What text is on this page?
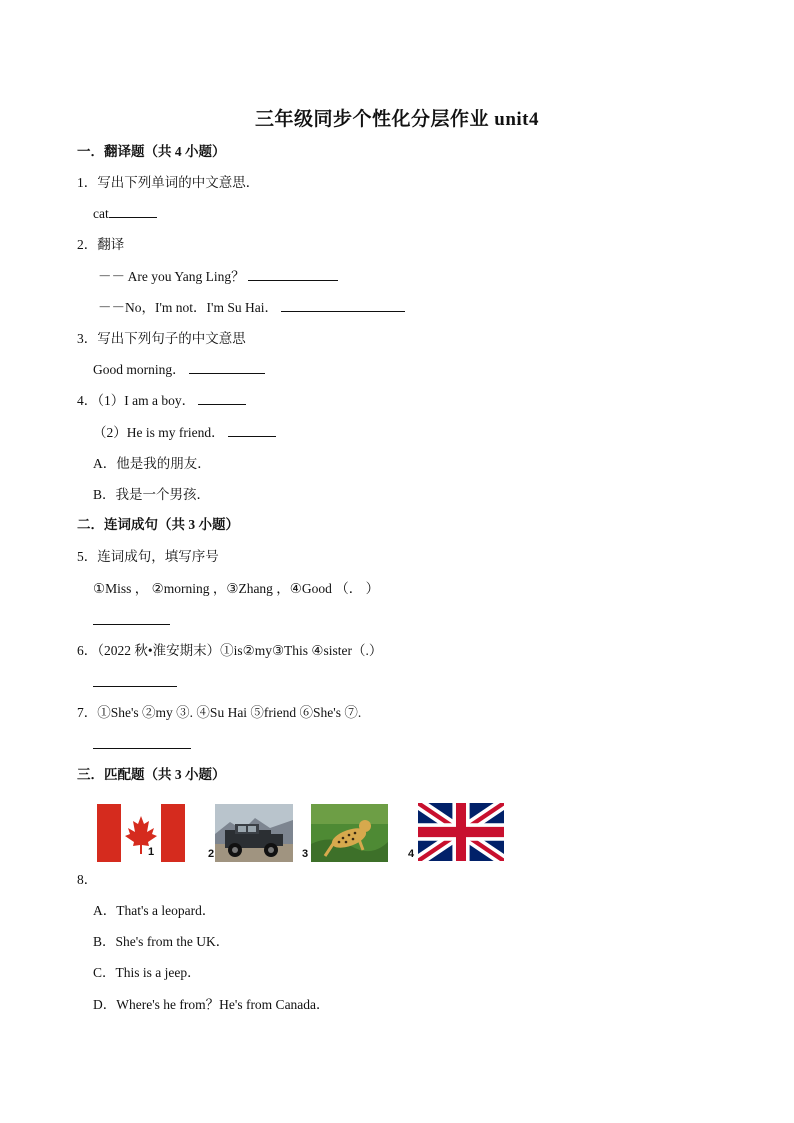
三年级同步个性化分层作业 unit4
一．翻译题（共 4 小题）
1．写出下列单词的中文意思．
cat
2．翻译
－－ Are you Yang Ling？
－－No，I'm not．I'm Su Hai．
3．写出下列句子的中文意思
Good morning．
4．（1）I am a boy．
（2）He is my friend．
A．他是我的朋友．
B．我是一个男孩．
二．连词成句（共 3 小题）
5．连词成句，填写序号
①Miss ， ②morning ，③Zhang ，④Good （． ）
6．（2022 秋•淮安期末）①is②my③This ④sister（.）
7．①She's ②my ③. ④Su Hai ⑤friend ⑥She's ⑦.
三．匹配题（共 3 小题）
1	2	3	4
8．
A．That's a leopard．
B．She's from the UK．
C．This is a jeep．
D．Where's he from？He's from Canada．
